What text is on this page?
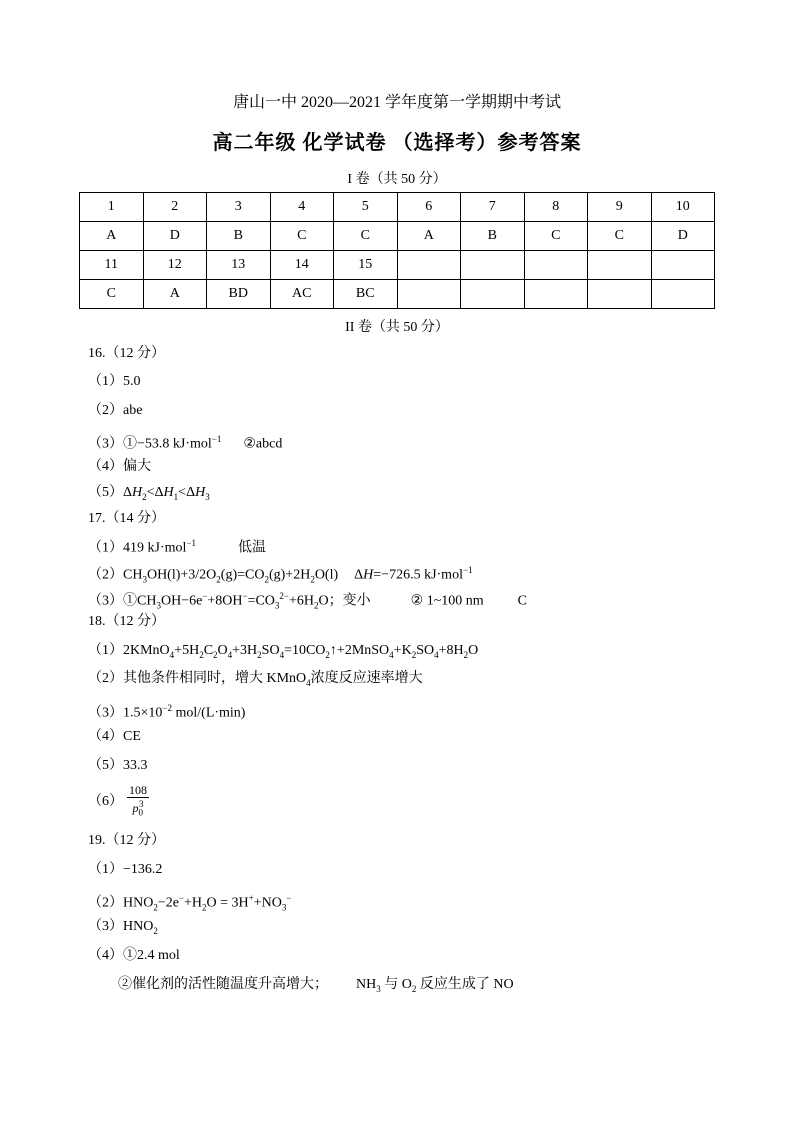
唐山一中 2020—2021 学年度第一学期期中考试
高二年级 化学试卷 （选择考）参考答案
I 卷（共 50 分）
1	2	3	4	5	6	7	8	9	10
A	D	B	C	C	A	B	C	C	D
11	12	13	14	15					
C	A	BD	AC	BC					
II 卷（共 50 分）
16.（12 分）
（1）5.0
（2）abe
（3）①−53.8 kJ·mol$^{-1}$ ②abcd
（4）偏大
$(5)\Delta H_2<\Delta H_1<\Delta H_3$
17.（14 分）
（1）419 kJ·mol$^{-1}$	低温
$(2)CH_3OH(l)+3/2O_2(g)=CO_2(g)+2H_2O(l)$ ΔH=−726.5 kJ·mol$^{-1}$
$(3)①CH_3OH-6e^-+8OH^-=CO_3^{2-}+6H_2O$；变小	② 1~100 nm C
18.（12 分）
$(1)2KMnO_4+5H_2C_2O_4+3H_2SO_4=10CO_2↑+2MnSO_4+K_2SO_4+8H_2O$
（2）其他条件相同时，增大 KMnO$_4$浓度反应速率增大
$(3)1.5\times 10^{-2}$ mol/(L·min)
（4）CE
（5）33.3
$(6) \frac{108}{p_0^3}$
19.（12 分）
（1）−136.2
$(2)HNO_2-2e^-+H_2O = 3H^++NO_3^-$
$(3)HNO_2$
（4）①2.4 mol
②催化剂的活性随温度升高增大； $NH_3$ 与 $O_2$ 反应生成了 NO
